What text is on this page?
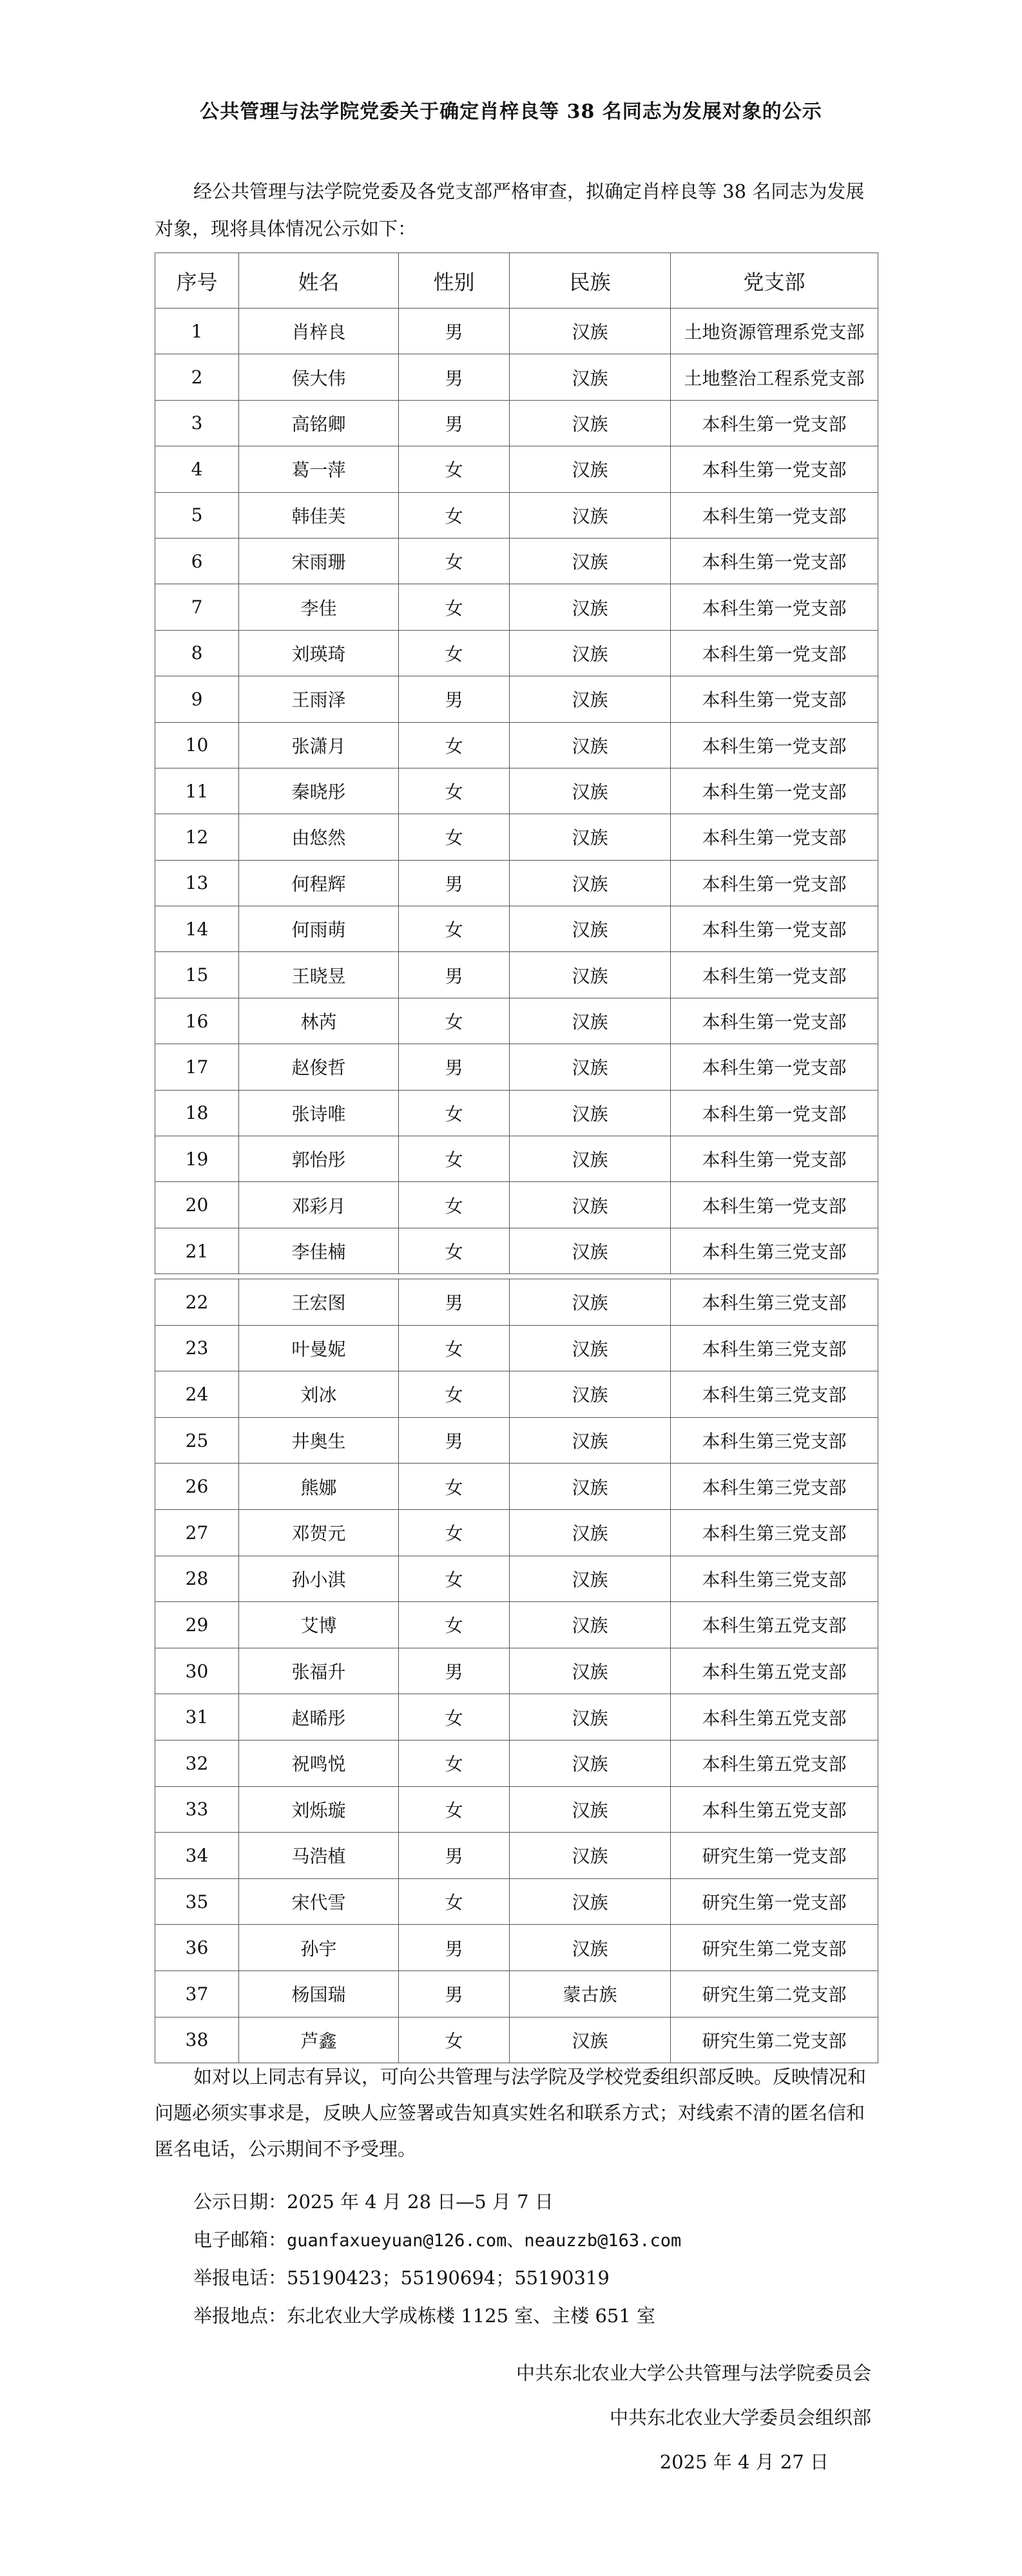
公共管理与法学院党委关于确定肖梓良等 38 名同志为发展对象的公示

经公共管理与法学院党委及各党支部严格审查，拟确定肖梓良等 38 名同志为发展对象，现将具体情况公示如下：

序号	姓名	性别	民族	党支部
1	肖梓良	男	汉族	土地资源管理系党支部
2	侯大伟	男	汉族	土地整治工程系党支部
3	高铭卿	男	汉族	本科生第一党支部
4	葛一萍	女	汉族	本科生第一党支部
5	韩佳芙	女	汉族	本科生第一党支部
6	宋雨珊	女	汉族	本科生第一党支部
7	李佳	女	汉族	本科生第一党支部
8	刘瑛琦	女	汉族	本科生第一党支部
9	王雨泽	男	汉族	本科生第一党支部
10	张潇月	女	汉族	本科生第一党支部
11	秦晓彤	女	汉族	本科生第一党支部
12	由悠然	女	汉族	本科生第一党支部
13	何程辉	男	汉族	本科生第一党支部
14	何雨萌	女	汉族	本科生第一党支部
15	王晓昱	男	汉族	本科生第一党支部
16	林芮	女	汉族	本科生第一党支部
17	赵俊哲	男	汉族	本科生第一党支部
18	张诗唯	女	汉族	本科生第一党支部
19	郭怡彤	女	汉族	本科生第一党支部
20	邓彩月	女	汉族	本科生第一党支部
21	李佳楠	女	汉族	本科生第三党支部
22	王宏图	男	汉族	本科生第三党支部
23	叶曼妮	女	汉族	本科生第三党支部
24	刘冰	女	汉族	本科生第三党支部
25	井奥生	男	汉族	本科生第三党支部
26	熊娜	女	汉族	本科生第三党支部
27	邓贺元	女	汉族	本科生第三党支部
28	孙小淇	女	汉族	本科生第三党支部
29	艾博	女	汉族	本科生第五党支部
30	张福升	男	汉族	本科生第五党支部
31	赵晞彤	女	汉族	本科生第五党支部
32	祝鸣悦	女	汉族	本科生第五党支部
33	刘烁璇	女	汉族	本科生第五党支部
34	马浩植	男	汉族	研究生第一党支部
35	宋代雪	女	汉族	研究生第一党支部
36	孙宇	男	汉族	研究生第二党支部
37	杨国瑞	男	蒙古族	研究生第二党支部
38	芦鑫	女	汉族	研究生第二党支部

如对以上同志有异议，可向公共管理与法学院及学校党委组织部反映。反映情况和问题必须实事求是，反映人应签署或告知真实姓名和联系方式；对线索不清的匿名信和匿名电话，公示期间不予受理。

公示日期：2025 年 4 月 28 日—5 月 7 日
电子邮箱：guanfaxueyuan@126.com、neauzzb@163.com
举报电话：55190423；55190694；55190319
举报地点：东北农业大学成栋楼 1125 室、主楼 651 室
中共东北农业大学公共管理与法学院委员会
中共东北农业大学委员会组织部
2025 年 4 月 27 日
